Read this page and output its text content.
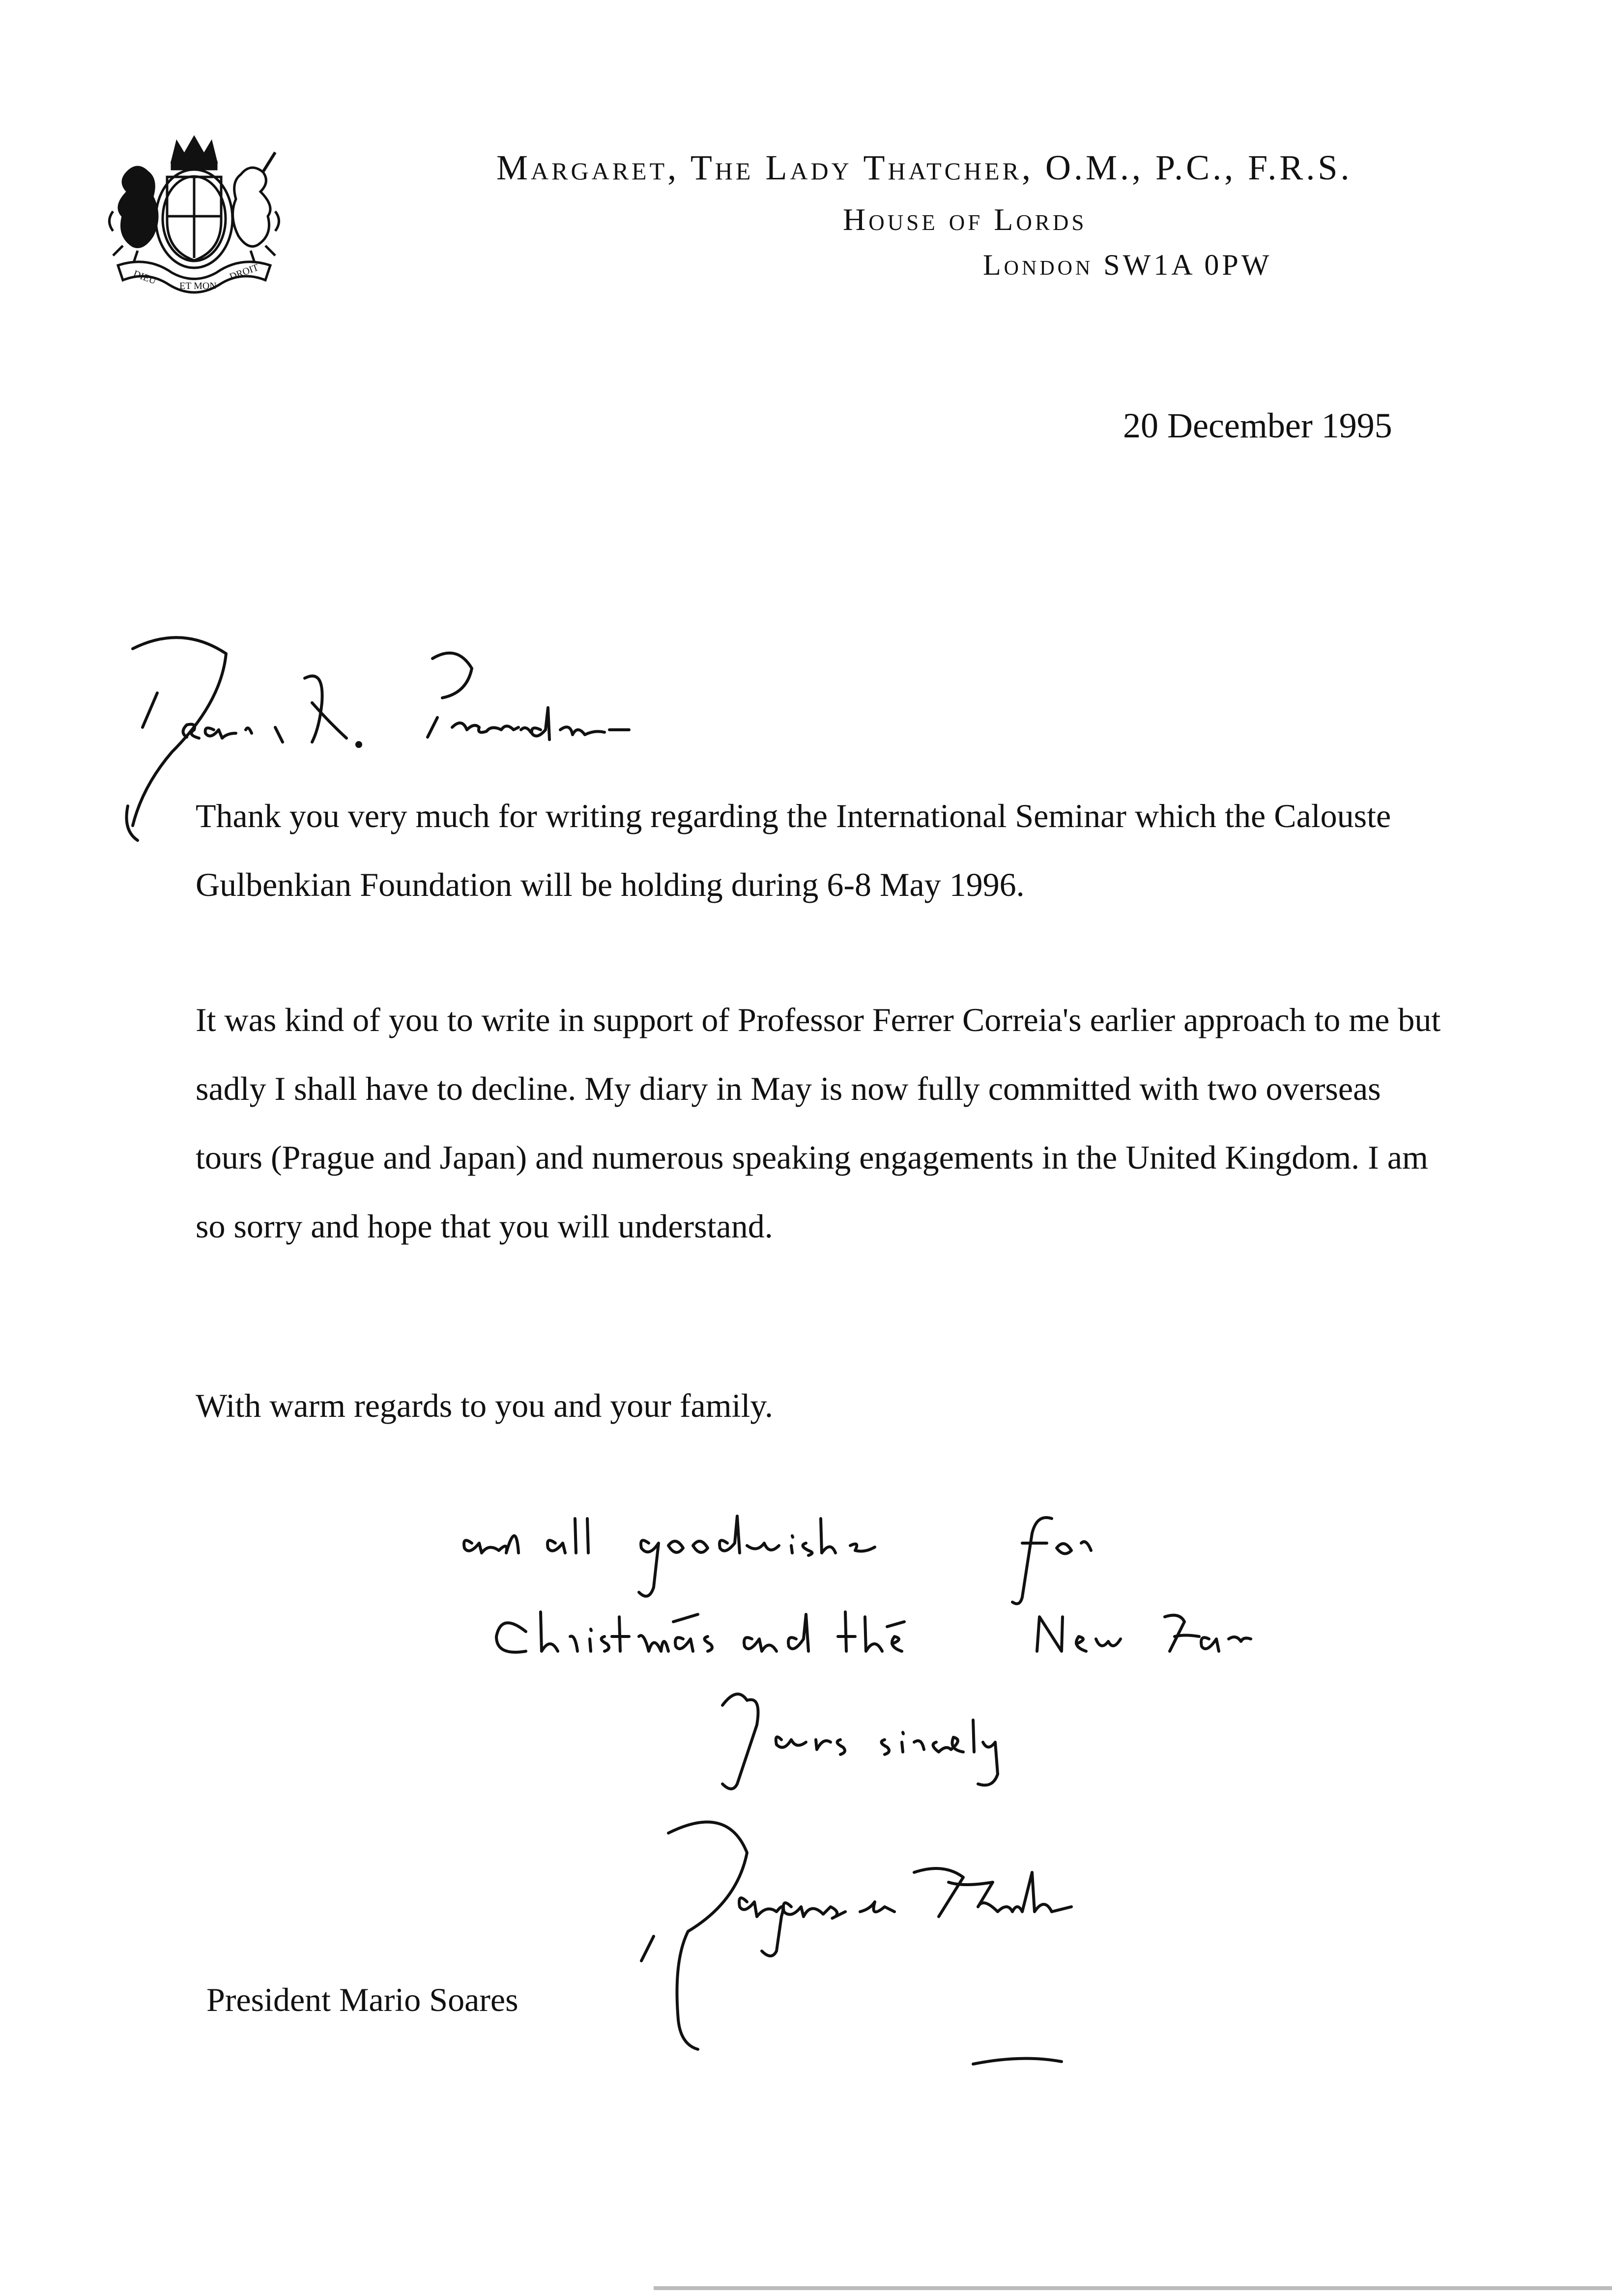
DIEU ET MON
DROIT
Margaret, The Lady Thatcher, O.M., P.C., F.R.S.
House of Lords
London SW1A 0PW
20 December 1995

Thank you very much for writing regarding the International Seminar which the Calouste Gulbenkian Foundation will be holding during 6-8 May 1996.

It was kind of you to write in support of Professor Ferrer Correia's earlier approach to me but sadly I shall have to decline. My diary in May is now fully committed with two overseas tours (Prague and Japan) and numerous speaking engagements in the United Kingdom. I am so sorry and hope that you will understand.

With warm regards to you and your family.

President Mario Soares
